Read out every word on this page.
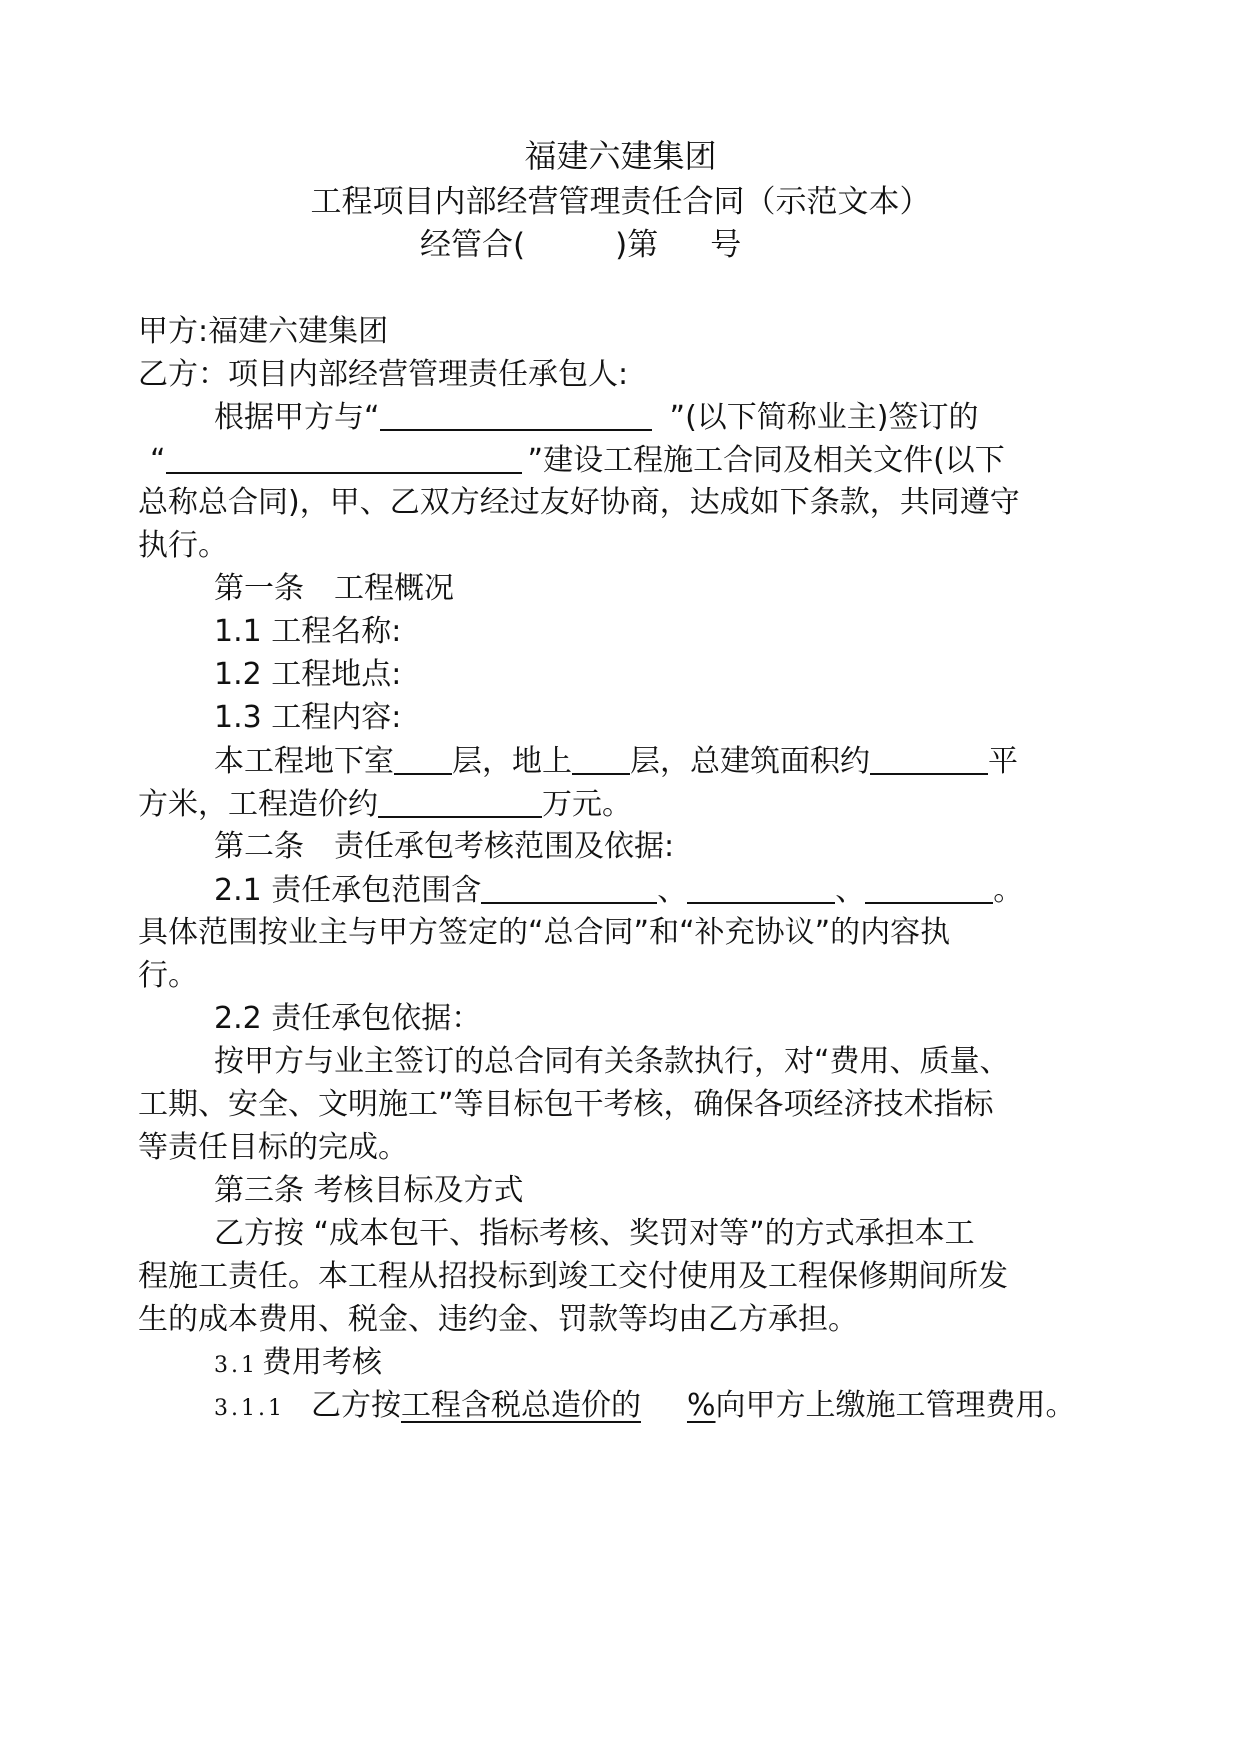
福建六建集团
工程项目内部经营管理责任合同（示范文本）
经管合(	)第 号
甲方:福建六建集团
乙方：项目内部经营管理责任承包人:
根据甲方与“	”(以下简称业主)签订的
“	”建设工程施工合同及相关文件(以下
总称总合同)，甲、乙双方经过友好协商，达成如下条款，共同遵守
执行。
第一条　工程概况
1.1 工程名称:
1.2 工程地点:
1.3 工程内容:
本工程地下室 层，地上 层，总建筑面积约	平
方米，工程造价约	万元。
第二条　责任承包考核范围及依据:
2.1 责任承包范围含	、	、	。
具体范围按业主与甲方签定的“总合同”和“补充协议”的内容执
行。
2.2 责任承包依据：
按甲方与业主签订的总合同有关条款执行，对“费用、质量、
工期、安全、文明施工”等目标包干考核，确保各项经济技术指标
等责任目标的完成。
第三条 考核目标及方式
乙方按 “成本包干、指标考核、奖罚对等”的方式承担本工
程施工责任。本工程从招投标到竣工交付使用及工程保修期间所发
生的成本费用、税金、违约金、罚款等均由乙方承担。
3.1 费用考核
3.1.1 乙方按工程含税总造价的 %向甲方上缴施工管理费用。
